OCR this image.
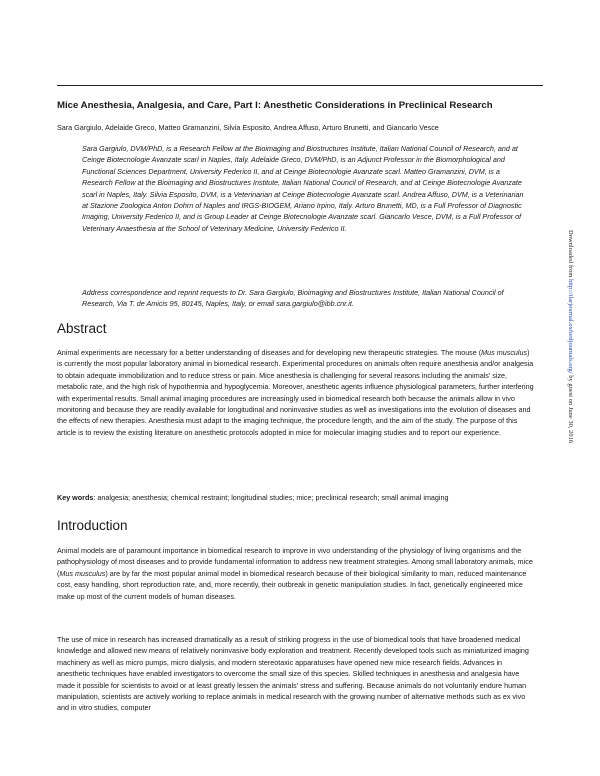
Mice Anesthesia, Analgesia, and Care, Part I: Anesthetic Considerations in Preclinical Research
Sara Gargiulo, Adelaide Greco, Matteo Gramanzini, Silvia Esposito, Andrea Affuso, Arturo Brunetti, and Giancarlo Vesce
Sara Gargiulo, DVM/PhD, is a Research Fellow at the Bioimaging and Biostructures Institute, Italian National Council of Research, and at Ceinge Biotecnologie Avanzate scarl in Naples, Italy. Adelaide Greco, DVM/PhD, is an Adjunct Professor in the Biomorphological and Functional Sciences Department, University Federico II, and at Ceinge Biotecnologie Avanzate scarl. Matteo Gramanzini, DVM, is a Research Fellow at the Bioimaging and Biostructures Institute, Italian National Council of Research, and at Ceinge Biotecnologie Avanzate scarl in Naples, Italy. Silvia Esposito, DVM, is a Veterinarian at Ceinge Biotecnologie Avanzate scarl. Andrea Affuso, DVM, is a Veterinarian at Stazione Zoologica Anton Dohrn of Naples and IRGS-BIOGEM, Ariano Irpino, Italy. Arturo Brunetti, MD, is a Full Professor of Diagnostic Imaging, University Federico II, and is Group Leader at Ceinge Biotecnologie Avanzate scarl. Giancarlo Vesce, DVM, is a Full Professor of Veterinary Anaesthesia at the School of Veterinary Medicine, University Federico II.
Address correspondence and reprint requests to Dr. Sara Gargiulo, Bioimaging and Biostructures Institute, Italian National Council of Research, Via T. de Amicis 95, 80145, Naples, Italy, or email sara.gargiulo@ibb.cnr.it.
Abstract
Animal experiments are necessary for a better understanding of diseases and for developing new therapeutic strategies. The mouse (Mus musculus) is currently the most popular laboratory animal in biomedical research. Experimental procedures on animals often require anesthesia and/or analgesia to obtain adequate immobilization and to reduce stress or pain. Mice anesthesia is challenging for several reasons including the animals' size, metabolic rate, and the high risk of hypothermia and hypoglycemia. Moreover, anesthetic agents influence physiological parameters, further interfering with experimental results. Small animal imaging procedures are increasingly used in biomedical research both because the animals allow in vivo monitoring and because they are readily available for longitudinal and noninvasive studies as well as investigations into the evolution of diseases and the effects of new therapies. Anesthesia must adapt to the imaging technique, the procedure length, and the aim of the study. The purpose of this article is to review the existing literature on anesthetic protocols adopted in mice for molecular imaging studies and to report our experience.
Key words: analgesia; anesthesia; chemical restraint; longitudinal studies; mice; preclinical research; small animal imaging
Introduction
Animal models are of paramount importance in biomedical research to improve in vivo understanding of the physiology of living organisms and the pathophysiology of most diseases and to provide fundamental information to address new treatment strategies. Among small laboratory animals, mice (Mus musculus) are by far the most popular animal model in biomedical research because of their biological similarity to man, reduced maintenance cost, easy handling, short reproduction rate, and, more recently, their outbreak in genetic manipulation studies. In fact, genetically engineered mice make up most of the current models of human diseases.
The use of mice in research has increased dramatically as a result of striking progress in the use of biomedical tools that have broadened medical knowledge and allowed new means of relatively noninvasive body exploration and treatment. Recently developed tools such as miniaturized imaging machinery as well as micro pumps, micro dialysis, and modern stereotaxic apparatuses have opened new mice research fields. Advances in anesthetic techniques have enabled investigators to overcome the small size of this species. Skilled techniques in anesthesia and analgesia have made it possible for scientists to avoid or at least greatly lessen the animals' stress and suffering. Because animals do not voluntarily endure human manipulation, scientists are actively working to replace animals in medical research with the growing number of alternative methods such as ex vivo and in vitro studies, computer
Downloaded from http://ilarjournal.oxfordjournals.org/ by guest on June 30, 2016
